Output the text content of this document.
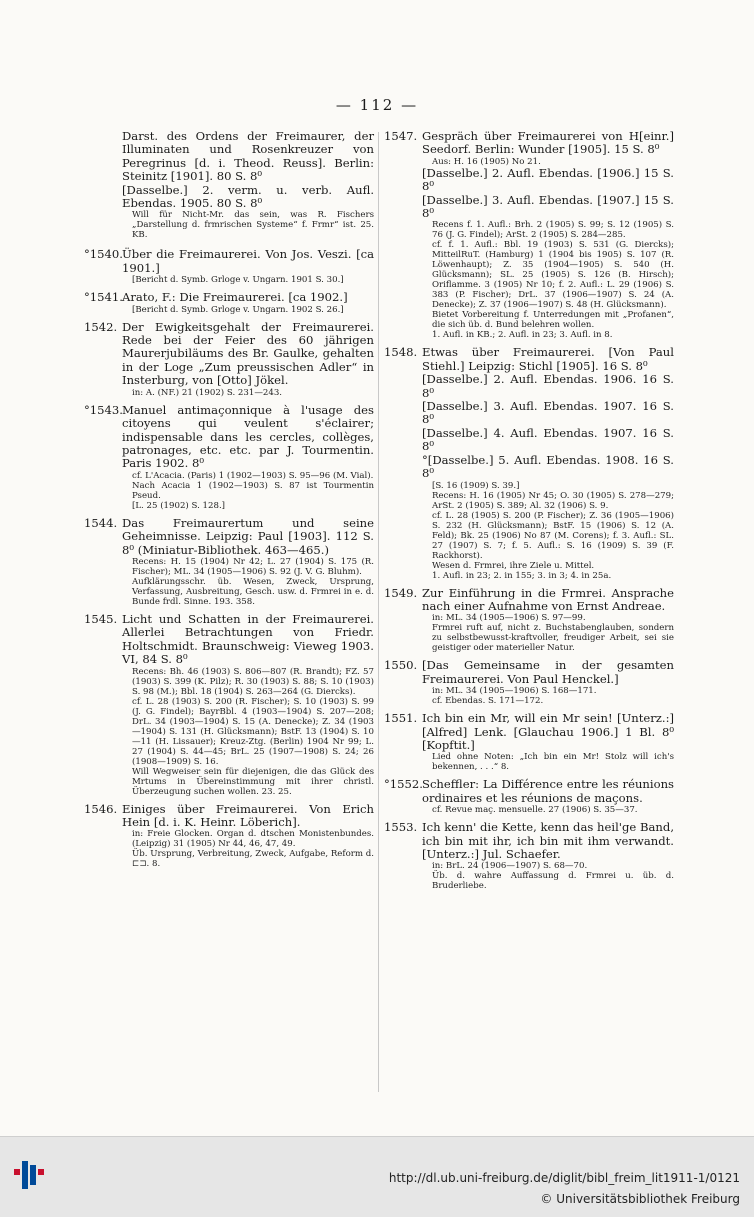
— 112 —
Darst. des Ordens der Freimaurer, der Illuminaten und Rosenkreuzer von Peregrinus [d. i. Theod. Reuss]. Berlin: Steinitz [1901]. 80 S. 8⁰
[Dasselbe.] 2. verm. u. verb. Aufl. Ebendas. 1905. 80 S. 8⁰
Will für Nicht-Mr. das sein, was R. Fischers „Darstellung d. frmrischen Systeme“ f. Frmr“ ist. 25. KB.
°1540. Über die Freimaurerei. Von Jos. Veszi. [ca 1901.]
[Bericht d. Symb. Grloge v. Ungarn. 1901 S. 30.]
°1541. Arato, F.: Die Freimaurerei. [ca 1902.]
[Bericht d. Symb. Grloge v. Ungarn. 1902 S. 26.]
1542. Der Ewigkeitsgehalt der Freimaurerei. Rede bei der Feier des 60 jährigen Maurerjubiläums des Br. Gaulke, gehalten in der Loge „Zum preussischen Adler“ in Insterburg, von [Otto] Jökel.
in: A. (NF.) 21 (1902) S. 231—243.
°1543. Manuel antimaçonnique à l'usage des citoyens qui veulent s'éclairer; indispensable dans les cercles, collèges, patronages, etc. etc. par J. Tourmentin. Paris 1902. 8⁰
cf. L'Acacia. (Paris) 1 (1902—1903) S. 95—96 (M. Vial).
Nach Acacia 1 (1902—1903) S. 87 ist Tourmentin Pseud.
[L. 25 (1902) S. 128.]
1544. Das Freimaurertum und seine Geheimnisse. Leipzig: Paul [1903]. 112 S. 8⁰ (Miniatur-Bibliothek. 463—465.)
Recens: H. 15 (1904) Nr 42; L. 27 (1904) S. 175 (R. Fischer); ML. 34 (1905—1906) S. 92 (J. V. G. Bluhm).
Aufklärungsschr. üb. Wesen, Zweck, Ursprung, Verfassung, Ausbreitung, Gesch. usw. d. Frmrei in e. d. Bunde frdl. Sinne. 193. 358.
1545. Licht und Schatten in der Freimaurerei. Allerlei Betrachtungen von Friedr. Holtschmidt. Braunschweig: Vieweg 1903. VI, 84 S. 8⁰
Recens: Bh. 46 (1903) S. 806—807 (R. Brandt); FZ. 57 (1903) S. 399 (K. Pilz); R. 30 (1903) S. 88; S. 10 (1903) S. 98 (M.); Bbl. 18 (1904) S. 263—264 (G. Diercks).
cf. L. 28 (1903) S. 200 (R. Fischer); S. 10 (1903) S. 99 (J. G. Findel); BayrBbl. 4 (1903—1904) S. 207—208; DrL. 34 (1903—1904) S. 15 (A. Denecke); Z. 34 (1903—1904) S. 131 (H. Glücksmann); BstF. 13 (1904) S. 10—11 (H. Lissauer); Kreuz-Ztg. (Berlin) 1904 Nr 99; L. 27 (1904) S. 44—45; BrL. 25 (1907—1908) S. 24; 26 (1908—1909) S. 16.
Will Wegweiser sein für diejenigen, die das Glück des Mrtums in Übereinstimmung mit ihrer christl. Überzeugung suchen wollen. 23. 25.
1546. Einiges über Freimaurerei. Von Erich Hein [d. i. K. Heinr. Löberich].
in: Freie Glocken. Organ d. dtschen Monistenbundes. (Leipzig) 31 (1905) Nr 44, 46, 47, 49.
Üb. Ursprung, Verbreitung, Zweck, Aufgabe, Reform d. ⊏⊐. 8.
1547. Gespräch über Freimaurerei von H[einr.] Seedorf. Berlin: Wunder [1905]. 15 S. 8⁰
Aus: H. 16 (1905) No 21.
[Dasselbe.] 2. Aufl. Ebendas. [1906.] 15 S. 8⁰
[Dasselbe.] 3. Aufl. Ebendas. [1907.] 15 S. 8⁰
Recens f. 1. Aufl.: Brh. 2 (1905) S. 99; S. 12 (1905) S. 76 (J. G. Findel); ArSt. 2 (1905) S. 284—285.
cf. f. 1. Aufl.: Bbl. 19 (1903) S. 531 (G. Diercks); MitteilRuT. (Hamburg) 1 (1904 bis 1905) S. 107 (R. Löwenhaupt); Z. 35 (1904—1905) S. 540 (H. Glücksmann); SL. 25 (1905) S. 126 (B. Hirsch); Oriflamme. 3 (1905) Nr 10; f. 2. Aufl.: L. 29 (1906) S. 383 (P. Fischer); DrL. 37 (1906—1907) S. 24 (A. Denecke); Z. 37 (1906—1907) S. 48 (H. Glücksmann).
Bietet Vorbereitung f. Unterredungen mit „Profanen“, die sich üb. d. Bund belehren wollen.
1. Aufl. in KB.; 2. Aufl. in 23; 3. Aufl. in 8.
1548. Etwas über Freimaurerei. [Von Paul Stiehl.] Leipzig: Stichl [1905]. 16 S. 8⁰
[Dasselbe.] 2. Aufl. Ebendas. 1906. 16 S. 8⁰
[Dasselbe.] 3. Aufl. Ebendas. 1907. 16 S. 8⁰
[Dasselbe.] 4. Aufl. Ebendas. 1907. 16 S. 8⁰
°[Dasselbe.] 5. Aufl. Ebendas. 1908. 16 S. 8⁰
[S. 16 (1909) S. 39.]
Recens: H. 16 (1905) Nr 45; O. 30 (1905) S. 278—279; ArSt. 2 (1905) S. 389; Al. 32 (1906) S. 9.
cf. L. 28 (1905) S. 200 (P. Fischer); Z. 36 (1905—1906) S. 232 (H. Glücksmann); BstF. 15 (1906) S. 12 (A. Feld); Bk. 25 (1906) No 87 (M. Corens); f. 3. Aufl.: SL. 27 (1907) S. 7; f. 5. Aufl.: S. 16 (1909) S. 39 (F. Rackhorst).
Wesen d. Frmrei, ihre Ziele u. Mittel.
1. Aufl. in 23; 2. in 155; 3. in 3; 4. in 25a.
1549. Zur Einführung in die Frmrei. Ansprache nach einer Aufnahme von Ernst Andreae.
in: ML. 34 (1905—1906) S. 97—99.
Frmrei ruft auf, nicht z. Buchstabenglauben, sondern zu selbstbewusst-kraftvoller, freudiger Arbeit, sei sie geistiger oder materieller Natur.
1550. [Das Gemeinsame in der gesamten Freimaurerei. Von Paul Henckel.]
in: ML. 34 (1905—1906) S. 168—171.
cf. Ebendas. S. 171—172.
1551. Ich bin ein Mr, will ein Mr sein! [Unterz.:] [Alfred] Lenk. [Glauchau 1906.] 1 Bl. 8⁰ [Kopftit.]
Lied ohne Noten: „Ich bin ein Mr! Stolz will ich's bekennen, . . .“ 8.
°1552. Scheffler: La Différence entre les réunions ordinaires et les réunions de maçons.
cf. Revue maç. mensuelle. 27 (1906) S. 35—37.
1553. Ich kenn' die Kette, kenn das heil'ge Band, ich bin mit ihr, ich bin mit ihm verwandt. [Unterz.:] Jul. Schaefer.
in: BrL. 24 (1906—1907) S. 68—70.
Üb. d. wahre Auffassung d. Frmrei u. üb. d. Bruderliebe.
http://dl.ub.uni-freiburg.de/diglit/bibl_freim_lit1911-1/0121
© Universitätsbibliothek Freiburg
